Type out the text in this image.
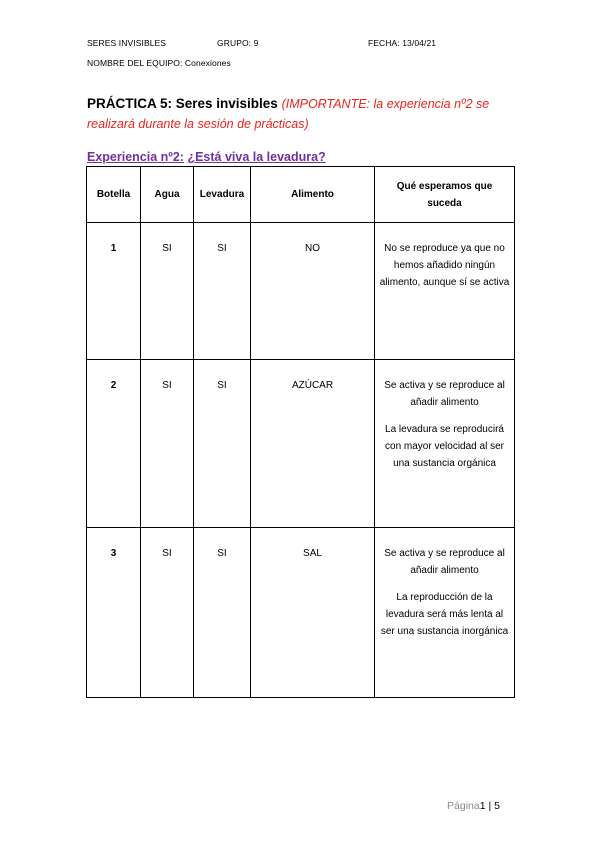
SERES INVISIBLES	GRUPO: 9	FECHA: 13/04/21
NOMBRE DEL EQUIPO: Conexiones
PRÁCTICA 5: Seres invisibles (IMPORTANTE: la experiencia nº2 se realizará durante la sesión de prácticas)
Experiencia nº2: ¿Está viva la levadura?
Botella	Agua	Levadura	Alimento	Qué esperamos que suceda

1	SI	SI	NO	No se reproduce ya que no hemos añadido ningún alimento, aunque sí se activa

2	SI	SI	AZÚCAR	Se activa y se reproduce al añadir alimento

La levadura se reproducirá con mayor velocidad al ser una sustancia orgánica

3	SI	SI	SAL	Se activa y se reproduce al añadir alimento

La reproducción de la levadura será más lenta al ser una sustancia inorgánica

Página1 | 5
